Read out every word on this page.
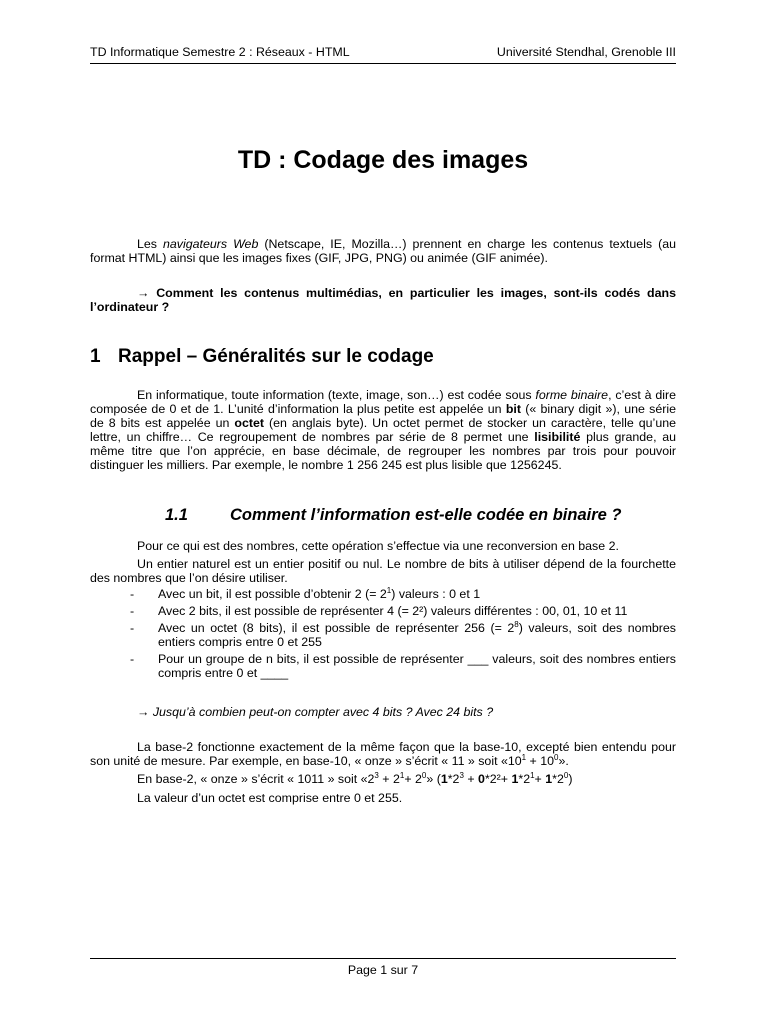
TD Informatique Semestre 2 : Réseaux - HTML	Université Stendhal, Grenoble III
TD : Codage des images

Les navigateurs Web (Netscape, IE, Mozilla…) prennent en charge les contenus textuels (au format HTML) ainsi que les images fixes (GIF, JPG, PNG) ou animée (GIF animée).

→ Comment les contenus multimédias, en particulier les images, sont-ils codés dans l’ordinateur ?

1 Rappel – Généralités sur le codage

En informatique, toute information (texte, image, son…) est codée sous forme binaire, c’est à dire composée de 0 et de 1. L’unité d’information la plus petite est appelée un bit (« binary digit »), une série de 8 bits est appelée un octet (en anglais byte). Un octet permet de stocker un caractère, telle qu’une lettre, un chiffre… Ce regroupement de nombres par série de 8 permet une lisibilité plus grande, au même titre que l’on apprécie, en base décimale, de regrouper les nombres par trois pour pouvoir distinguer les milliers. Par exemple, le nombre 1 256 245 est plus lisible que 1256245.

1.1	Comment l’information est-elle codée en binaire ?

Pour ce qui est des nombres, cette opération s’effectue via une reconversion en base 2.

Un entier naturel est un entier positif ou nul. Le nombre de bits à utiliser dépend de la fourchette des nombres que l’on désire utiliser.

- Avec un bit, il est possible d’obtenir 2 (= $2^1$) valeurs : 0 et 1
- Avec 2 bits, il est possible de représenter 4 (= 2²) valeurs différentes : 00, 01, 10 et 11
- Avec un octet (8 bits), il est possible de représenter 256 (= $2^8$) valeurs, soit des nombres entiers compris entre 0 et 255
- Pour un groupe de n bits, il est possible de représenter ___ valeurs, soit des nombres entiers compris entre 0 et ____

→ Jusqu’à combien peut-on compter avec 4 bits ? Avec 24 bits ?

La base-2 fonctionne exactement de la même façon que la base-10, excepté bien entendu pour son unité de mesure. Par exemple, en base-10, « onze » s’écrit « 11 » soit «$10^1 + 10^0$».

En base-2, « onze » s’écrit « 1011 » soit «$2^3 + 2^1+ 2^0$» $(1*2^3 + 0*2^2+ 1*2^1+ 1*2^0)$

La valeur d’un octet est comprise entre 0 et 255.

Page 1 sur 7
